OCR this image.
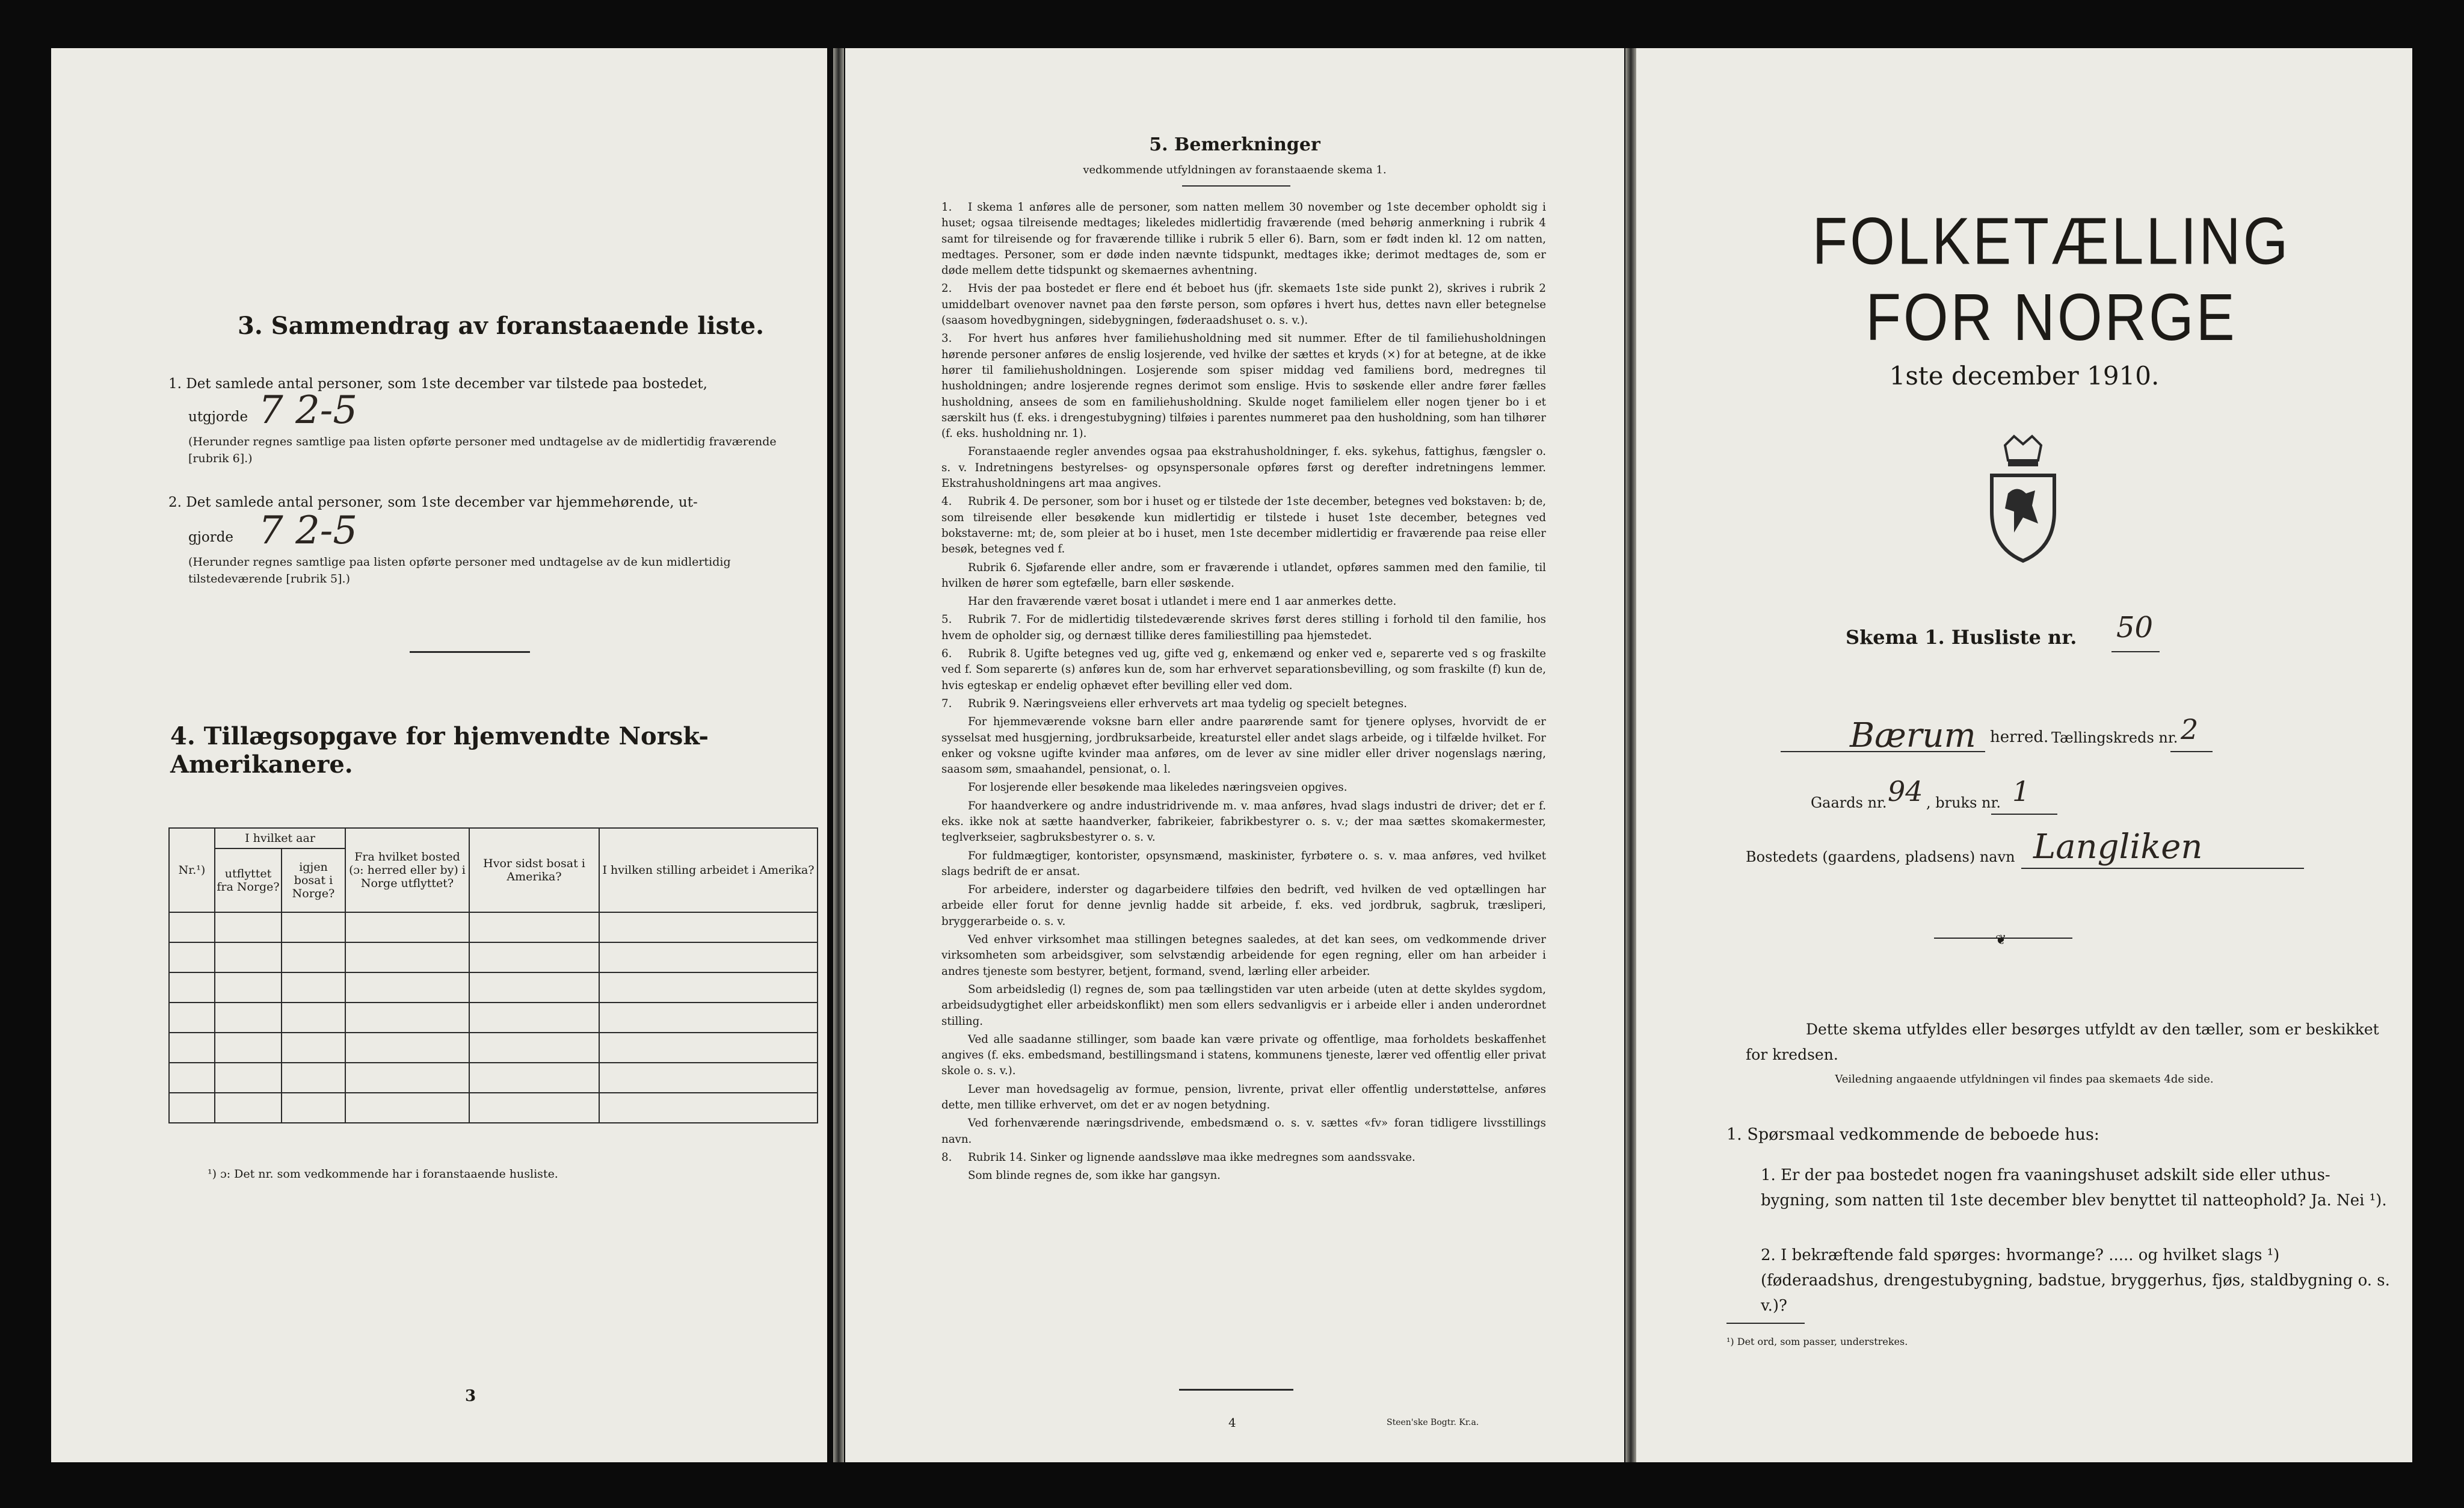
3. Sammendrag av foranstaaende liste.
1. Det samlede antal personer, som 1ste december var tilstede paa bostedet,
utgjorde 7 2-5
(Herunder regnes samtlige paa listen opførte personer med undtagelse av de midlertidig fraværende [rubrik 6].)
2. Det samlede antal personer, som 1ste december var hjemmehørende, ut-
gjorde 7 2-5
(Herunder regnes samtlige paa listen opførte personer med undtagelse av de kun midlertidig tilstedeværende [rubrik 5].)
4. Tillægsopgave for hjemvendte Norsk-Amerikanere.
Nr.¹)	I hvilket aar		Fra hvilket bosted (ɔ: herred eller by) i Norge utflyttet?	Hvor sidst bosat i Amerika?	I hvilken stilling arbeidet i Amerika?
	utflyttet fra Norge?	igjen bosat i Norge?			

¹) ɔ: Det nr. som vedkommende har i foranstaaende husliste.
3
5. Bemerkninger
vedkommende utfyldningen av foranstaaende skema 1.

1. I skema 1 anføres alle de personer, som natten mellem 30 november og 1ste december opholdt sig i huset; ogsaa tilreisende medtages; likeledes midlertidig fraværende (med behørig anmerkning i rubrik 4 samt for tilreisende og for fraværende tillike i rubrik 5 eller 6). Barn, som er født inden kl. 12 om natten, medtages. Personer, som er døde inden nævnte tidspunkt, medtages ikke; derimot medtages de, som er døde mellem dette tidspunkt og skemaernes avhentning.

2. Hvis der paa bostedet er flere end ét beboet hus (jfr. skemaets 1ste side punkt 2), skrives i rubrik 2 umiddelbart ovenover navnet paa den første person, som opføres i hvert hus, dettes navn eller betegnelse (saasom hovedbygningen, sidebygningen, føderaadshuset o. s. v.).

3. For hvert hus anføres hver familiehusholdning med sit nummer. Efter de til familiehusholdningen hørende personer anføres de enslig losjerende, ved hvilke der sættes et kryds (×) for at betegne, at de ikke hører til familiehusholdningen. Losjerende som spiser middag ved familiens bord, medregnes til husholdningen; andre losjerende regnes derimot som enslige. Hvis to søskende eller andre fører fælles husholdning, ansees de som en familiehusholdning. Skulde noget familielem eller nogen tjener bo i et særskilt hus (f. eks. i drengestubygning) tilføies i parentes nummeret paa den husholdning, som han tilhører (f. eks. husholdning nr. 1).

Foranstaaende regler anvendes ogsaa paa ekstrahusholdninger, f. eks. sykehus, fattighus, fængsler o. s. v. Indretningens bestyrelses- og opsynspersonale opføres først og derefter indretningens lemmer. Ekstrahusholdningens art maa angives.

4. Rubrik 4. De personer, som bor i huset og er tilstede der 1ste december, betegnes ved bokstaven: b; de, som tilreisende eller besøkende kun midlertidig er tilstede i huset 1ste december, betegnes ved bokstaverne: mt; de, som pleier at bo i huset, men 1ste december midlertidig er fraværende paa reise eller besøk, betegnes ved f.

Rubrik 6. Sjøfarende eller andre, som er fraværende i utlandet, opføres sammen med den familie, til hvilken de hører som egtefælle, barn eller søskende.

Har den fraværende været bosat i utlandet i mere end 1 aar anmerkes dette.

5. Rubrik 7. For de midlertidig tilstedeværende skrives først deres stilling i forhold til den familie, hos hvem de opholder sig, og dernæst tillike deres familiestilling paa hjemstedet.

6. Rubrik 8. Ugifte betegnes ved ug, gifte ved g, enkemænd og enker ved e, separerte ved s og fraskilte ved f. Som separerte (s) anføres kun de, som har erhvervet separationsbevilling, og som fraskilte (f) kun de, hvis egteskap er endelig ophævet efter bevilling eller ved dom.

7. Rubrik 9. Næringsveiens eller erhvervets art maa tydelig og specielt betegnes.

For hjemmeværende voksne barn eller andre paarørende samt for tjenere oplyses, hvorvidt de er sysselsat med husgjerning, jordbruksarbeide, kreaturstel eller andet slags arbeide, og i tilfælde hvilket. For enker og voksne ugifte kvinder maa anføres, om de lever av sine midler eller driver nogenslags næring, saasom søm, smaahandel, pensionat, o. l.

For losjerende eller besøkende maa likeledes næringsveien opgives.

For haandverkere og andre industridrivende m. v. maa anføres, hvad slags industri de driver; det er f. eks. ikke nok at sætte haandverker, fabrikeier, fabrikbestyrer o. s. v.; der maa sættes skomakermester, teglverkseier, sagbruksbestyrer o. s. v.

For fuldmægtiger, kontorister, opsynsmænd, maskinister, fyrbøtere o. s. v. maa anføres, ved hvilket slags bedrift de er ansat.

For arbeidere, inderster og dagarbeidere tilføies den bedrift, ved hvilken de ved optællingen har arbeide eller forut for denne jevnlig hadde sit arbeide, f. eks. ved jordbruk, sagbruk, træsliperi, bryggerarbeide o. s. v.

Ved enhver virksomhet maa stillingen betegnes saaledes, at det kan sees, om vedkommende driver virksomheten som arbeidsgiver, som selvstændig arbeidende for egen regning, eller om han arbeider i andres tjeneste som bestyrer, betjent, formand, svend, lærling eller arbeider.

Som arbeidsledig (l) regnes de, som paa tællingstiden var uten arbeide (uten at dette skyldes sygdom, arbeidsudygtighet eller arbeidskonflikt) men som ellers sedvanligvis er i arbeide eller i anden underordnet stilling.

Ved alle saadanne stillinger, som baade kan være private og offentlige, maa forholdets beskaffenhet angives (f. eks. embedsmand, bestillingsmand i statens, kommunens tjeneste, lærer ved offentlig eller privat skole o. s. v.).

Lever man hovedsagelig av formue, pension, livrente, privat eller offentlig understøttelse, anføres dette, men tillike erhvervet, om det er av nogen betydning.

Ved forhenværende næringsdrivende, embedsmænd o. s. v. sættes «fv» foran tidligere livsstillings navn.

8. Rubrik 14. Sinker og lignende aandssløve maa ikke medregnes som aandssvake.

Som blinde regnes de, som ikke har gangsyn.

4	Steen'ske Bogtr. Kr.a.
FOLKETÆLLING FOR NORGE
1ste december 1910.
Skema 1. Husliste nr. 50
Bærum herred. Tællingskreds nr. 2
Gaards nr. 94 , bruks nr. 1
Bostedets (gaardens, pladsens) navn Langliken
❦
Dette skema utfyldes eller besørges utfyldt av den tæller, som er beskikket for kredsen.
Veiledning angaaende utfyldningen vil findes paa skemaets 4de side.
1. Spørsmaal vedkommende de beboede hus:
1. Er der paa bostedet nogen fra vaaningshuset adskilt side eller uthus-bygning, som natten til 1ste december blev benyttet til natteophold? Ja. Nei ¹).
2. I bekræftende fald spørges: hvormange? ..... og hvilket slags ¹) (føderaadshus, drengestubygning, badstue, bryggerhus, fjøs, staldbygning o. s. v.)?
¹) Det ord, som passer, understrekes.
